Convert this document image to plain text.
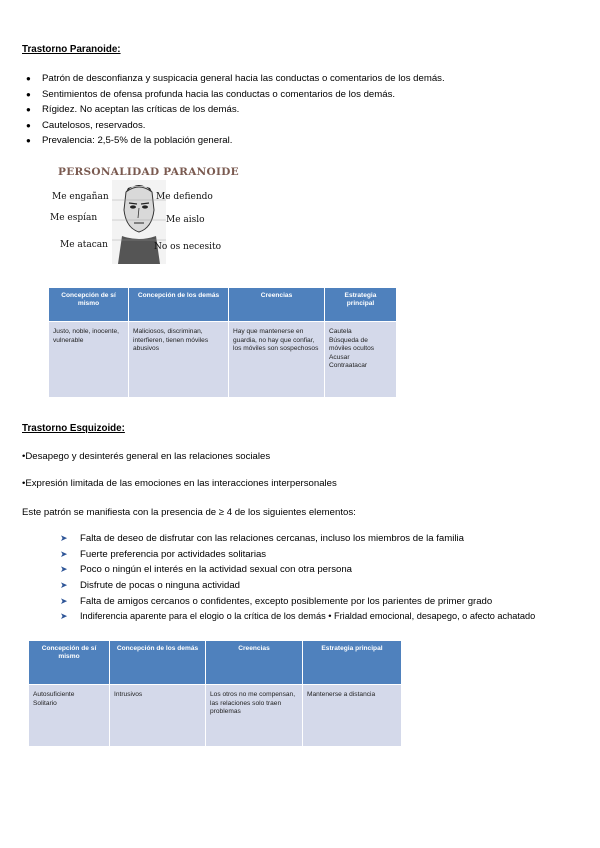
Trastorno Paranoide:
● Patrón de desconfianza y suspicacia general hacia las conductas o comentarios de los demás.
● Sentimientos de ofensa profunda hacia las conductas o comentarios de los demás.
● Rígidez. No aceptan las críticas de los demás.
● Cautelosos, reservados.
● Prevalencia: 2,5-5% de la población general.
PERSONALIDAD PARANOIDE
Me engañan
Me espían
Me atacan
Me defiendo
Me aislo
No os necesito
Concepción de sí mismo	Concepción de los demás	Creencias	Estrategia principal
Justo, noble, inocente, vulnerable	Maliciosos, discriminan, interfieren, tienen móviles abusivos	Hay que mantenerse en guardia, no hay que confiar, los móviles son sospechosos	Cautela
Búsqueda de móviles ocultos
Acusar
Contraatacar
Trastorno Esquizoide:
•Desapego y desinterés general en las relaciones sociales
•Expresión limitada de las emociones en las interacciones interpersonales
Este patrón se manifiesta con la presencia de ≥ 4 de los siguientes elementos:
➤ Falta de deseo de disfrutar con las relaciones cercanas, incluso los miembros de la familia
➤ Fuerte preferencia por actividades solitarias
➤ Poco o ningún el interés en la actividad sexual con otra persona
➤ Disfrute de pocas o ninguna actividad
➤ Falta de amigos cercanos o confidentes, excepto posiblemente por los parientes de primer grado
➤ Indiferencia aparente para el elogio o la crítica de los demás • Frialdad emocional, desapego, o afecto achatado
Concepción de sí mismo	Concepción de los demás	Creencias	Estrategia principal

Autosuficiente
Solitario	Intrusivos	Los otros no me compensan, las relaciones solo traen problemas	Mantenerse a distancia
